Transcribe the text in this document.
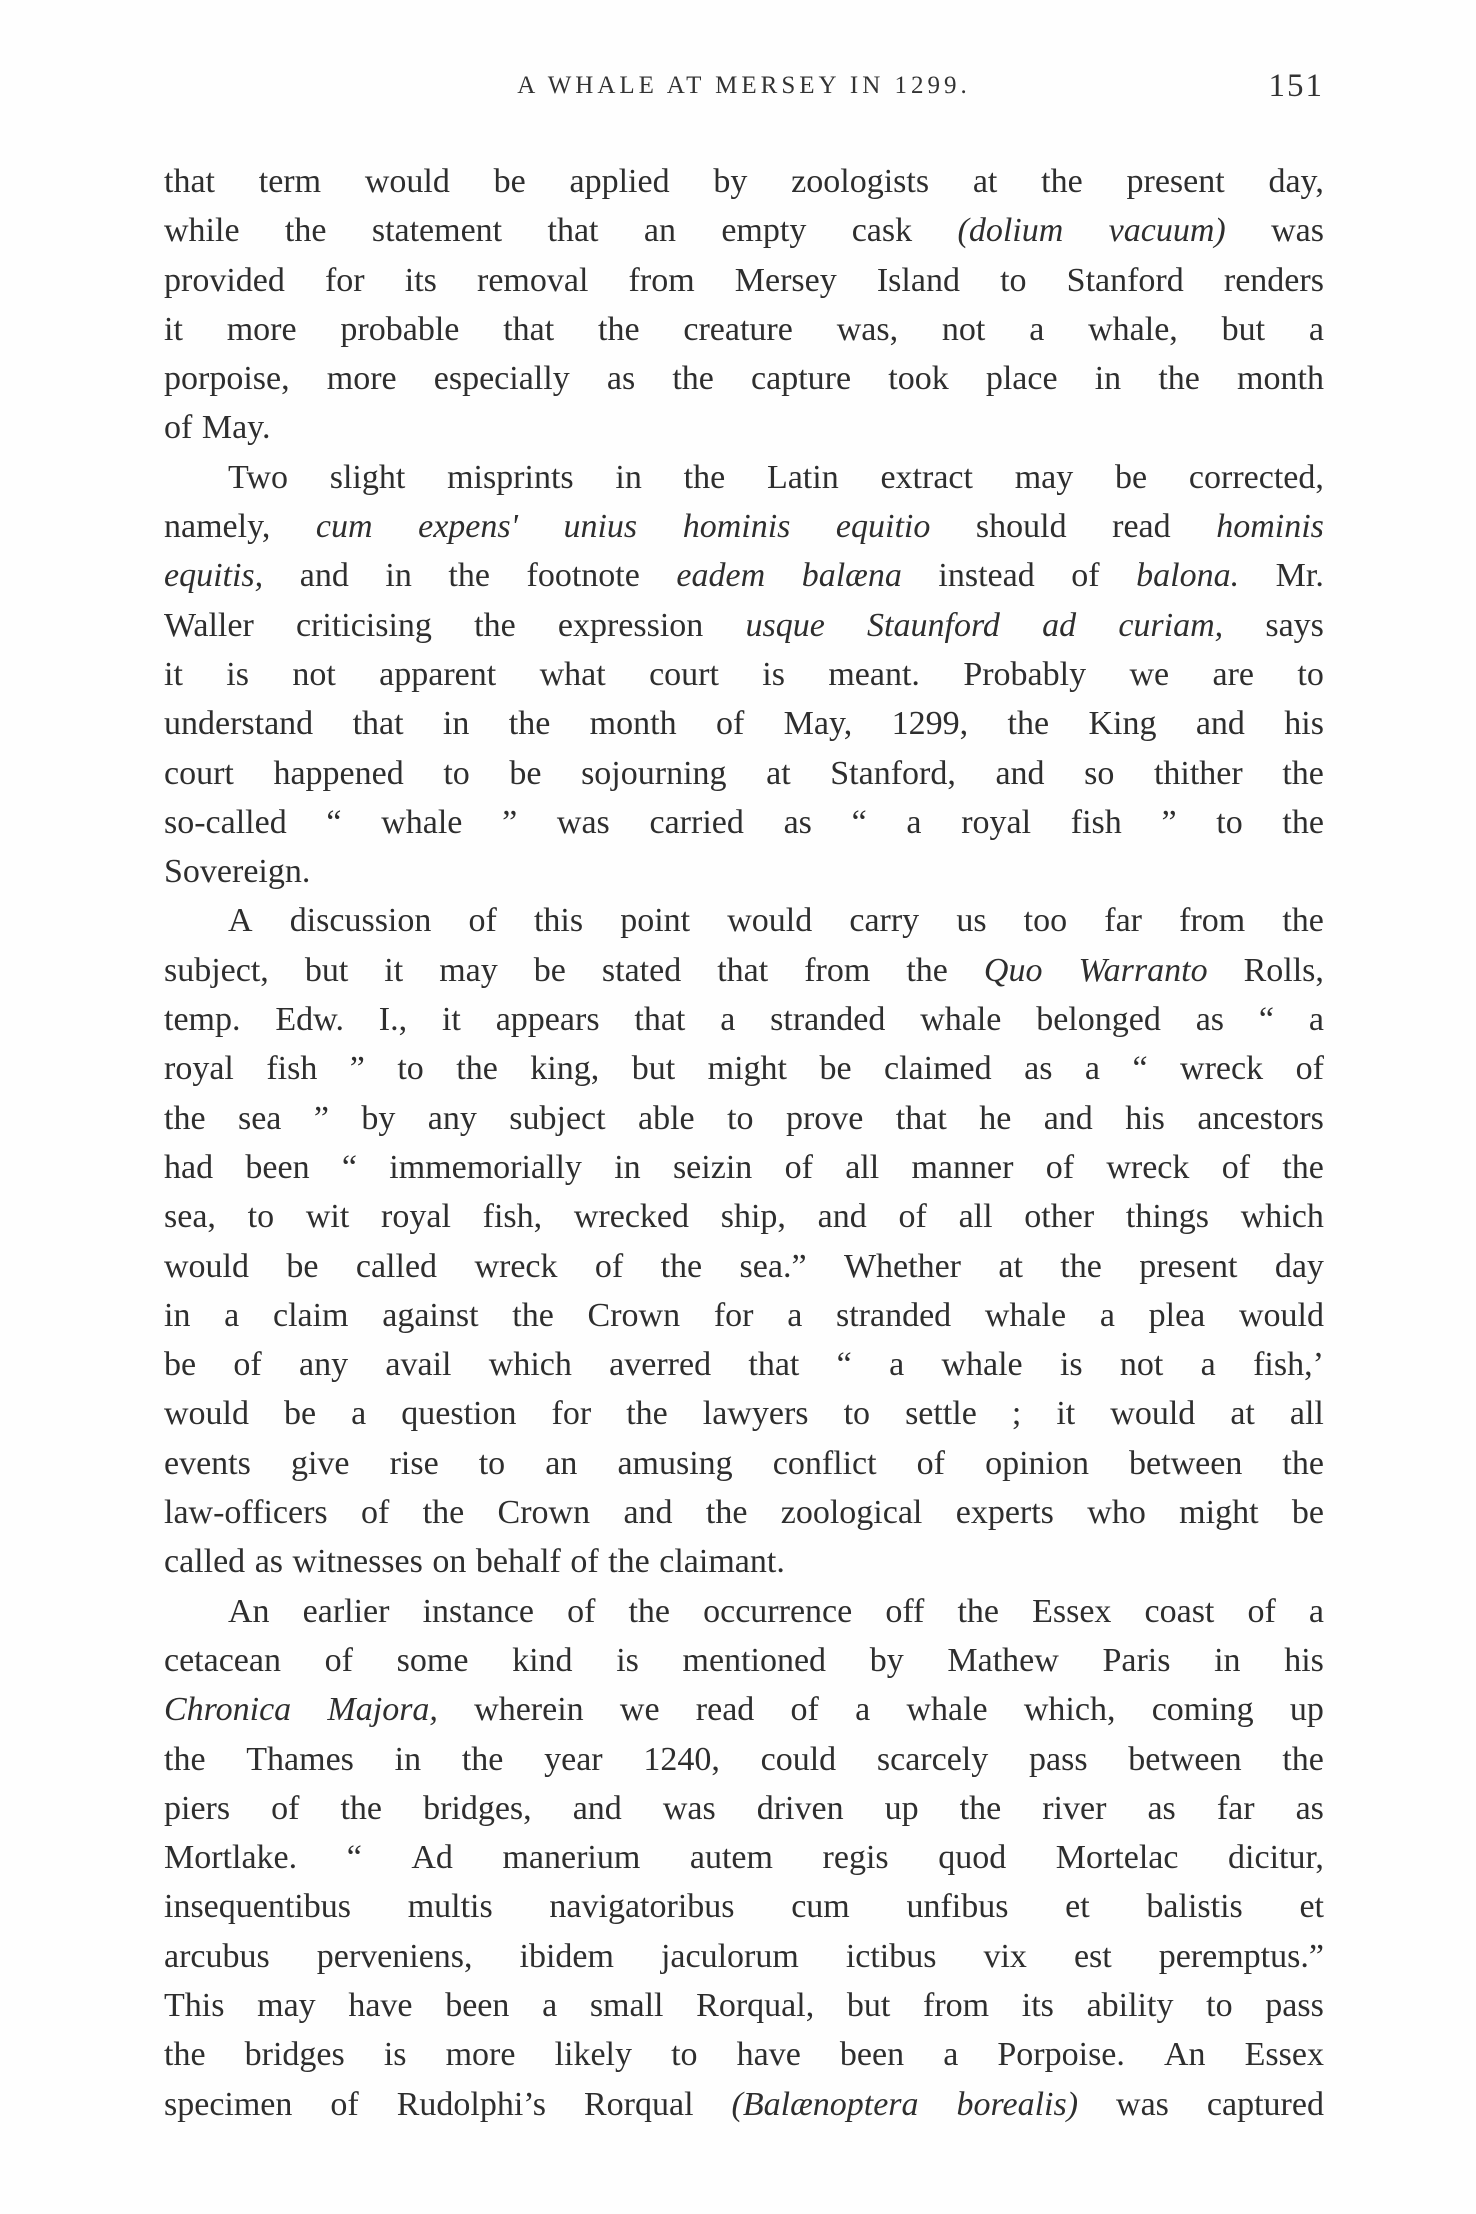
A WHALE AT MERSEY IN 1299.	151
that term would be applied by zoologists at the present day,
while the statement that an empty cask (dolium vacuum) was
provided for its removal from Mersey Island to Stanford renders
it more probable that the creature was, not a whale, but a
porpoise, more especially as the capture took place in the month
of May.
Two slight misprints in the Latin extract may be corrected,
namely, cum expens' unius hominis equitio should read hominis
equitis, and in the footnote eadem balæna instead of balona. Mr.
Waller criticising the expression usque Staunford ad curiam, says
it is not apparent what court is meant. Probably we are to
understand that in the month of May, 1299, the King and his
court happened to be sojourning at Stanford, and so thither the
so-called “ whale ” was carried as “ a royal fish ” to the
Sovereign.
A discussion of this point would carry us too far from the
subject, but it may be stated that from the Quo Warranto Rolls,
temp. Edw. I., it appears that a stranded whale belonged as “ a
royal fish ” to the king, but might be claimed as a “ wreck of
the sea ” by any subject able to prove that he and his ancestors
had been “ immemorially in seizin of all manner of wreck of the
sea, to wit royal fish, wrecked ship, and of all other things which
would be called wreck of the sea.” Whether at the present day
in a claim against the Crown for a stranded whale a plea would
be of any avail which averred that “ a whale is not a fish,’
would be a question for the lawyers to settle ; it would at all
events give rise to an amusing conflict of opinion between the
law-officers of the Crown and the zoological experts who might be
called as witnesses on behalf of the claimant.
An earlier instance of the occurrence off the Essex coast of a
cetacean of some kind is mentioned by Mathew Paris in his
Chronica Majora, wherein we read of a whale which, coming up
the Thames in the year 1240, could scarcely pass between the
piers of the bridges, and was driven up the river as far as
Mortlake. “ Ad manerium autem regis quod Mortelac dicitur,
insequentibus multis navigatoribus cum unfibus et balistis et
arcubus perveniens, ibidem jaculorum ictibus vix est peremptus.”
This may have been a small Rorqual, but from its ability to pass
the bridges is more likely to have been a Porpoise. An Essex
specimen of Rudolphi’s Rorqual (Balænoptera borealis) was captured
